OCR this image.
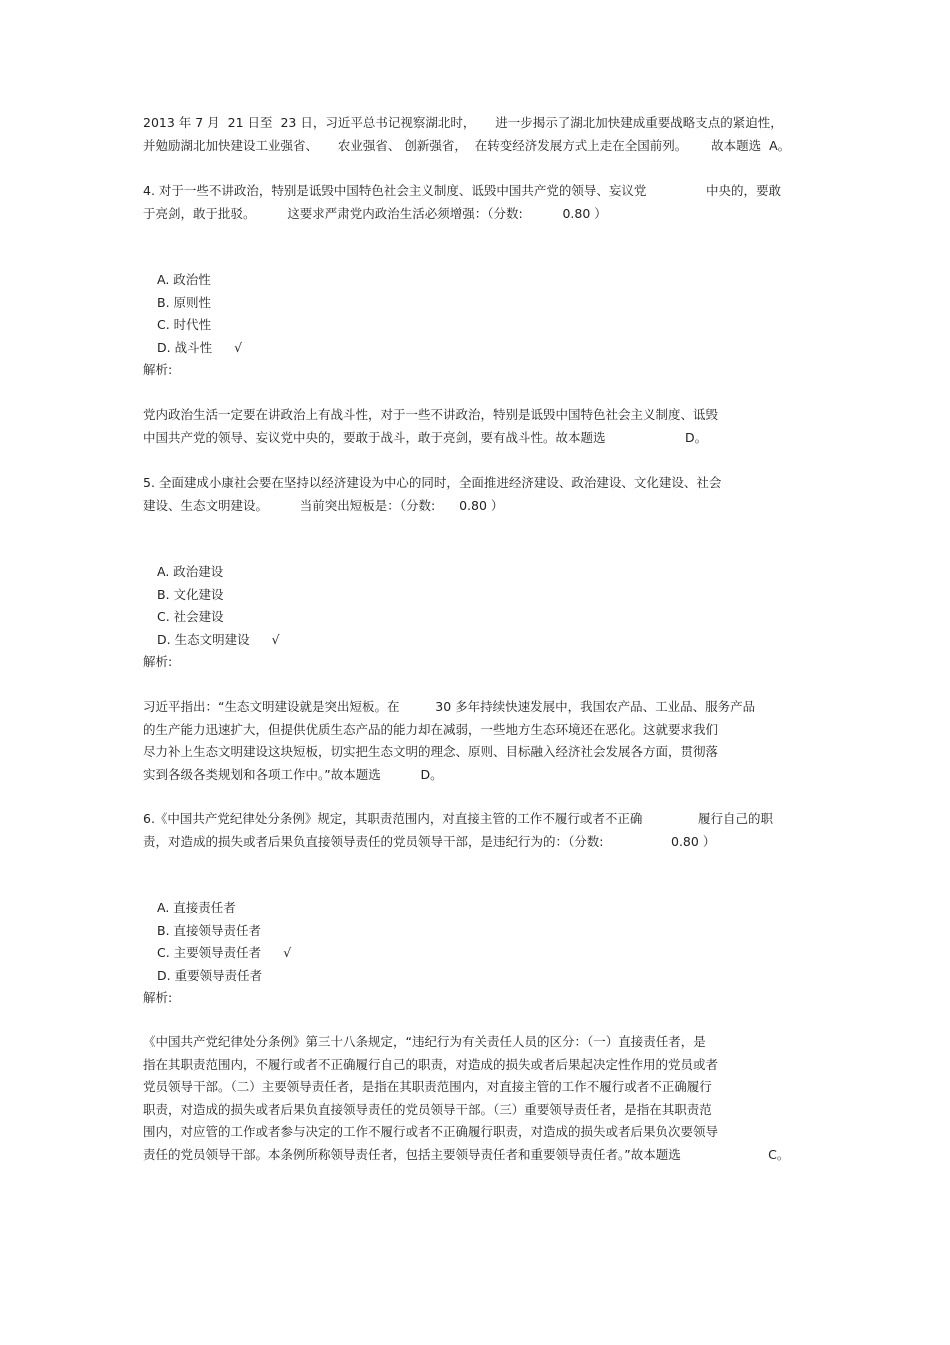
2013 年 7 月  21 日至  23 日，习近平总书记视察湖北时，     进一步揭示了湖北加快建成重要战略支点的紧迫性，
并勉励湖北加快建设工业强省、     农业强省、 创新强省，  在转变经济发展方式上走在全国前列。      故本题选  A。
4. 对于一些不讲政治，特别是诋毁中国特色社会主义制度、诋毁中国共产党的领导、妄议党               中央的，要敢
于亮剑，敢于批驳。        这要求严肃党内政治生活必须增强：（分数:          0.80 ）
A. 政治性
B. 原则性
C. 时代性
D. 战斗性 √
解析:
党内政治生活一定要在讲政治上有战斗性，对于一些不讲政治，特别是诋毁中国特色社会主义制度、诋毁
中国共产党的领导、妄议党中央的，要敢于战斗，敢于亮剑，要有战斗性。故本题选                    D。
5. 全面建成小康社会要在坚持以经济建设为中心的同时，全面推进经济建设、政治建设、文化建设、社会
建设、生态文明建设。        当前突出短板是：（分数:      0.80 ）
A. 政治建设
B. 文化建设
C. 社会建设
D. 生态文明建设 √
解析:
习近平指出：“生态文明建设就是突出短板。在         30 多年持续快速发展中，我国农产品、工业品、服务产品
的生产能力迅速扩大，但提供优质生态产品的能力却在减弱，一些地方生态环境还在恶化。这就要求我们
尽力补上生态文明建设这块短板，切实把生态文明的理念、原则、目标融入经济社会发展各方面，贯彻落
实到各级各类规划和各项工作中。”故本题选          D。
6.《中国共产党纪律处分条例》规定，其职责范围内，对直接主管的工作不履行或者不正确              履行自己的职
责，对造成的损失或者后果负直接领导责任的党员领导干部，是违纪行为的：（分数:                 0.80 ）
A. 直接责任者
B. 直接领导责任者
C. 主要领导责任者 √
D. 重要领导责任者
解析:
《中国共产党纪律处分条例》第三十八条规定，“违纪行为有关责任人员的区分：（一）直接责任者，是
指在其职责范围内，不履行或者不正确履行自己的职责，对造成的损失或者后果起决定性作用的党员或者
党员领导干部。（二）主要领导责任者，是指在其职责范围内，对直接主管的工作不履行或者不正确履行
职责，对造成的损失或者后果负直接领导责任的党员领导干部。（三）重要领导责任者，是指在其职责范
围内，对应管的工作或者参与决定的工作不履行或者不正确履行职责，对造成的损失或者后果负次要领导
责任的党员领导干部。本条例所称领导责任者，包括主要领导责任者和重要领导责任者。”故本题选                      C。
